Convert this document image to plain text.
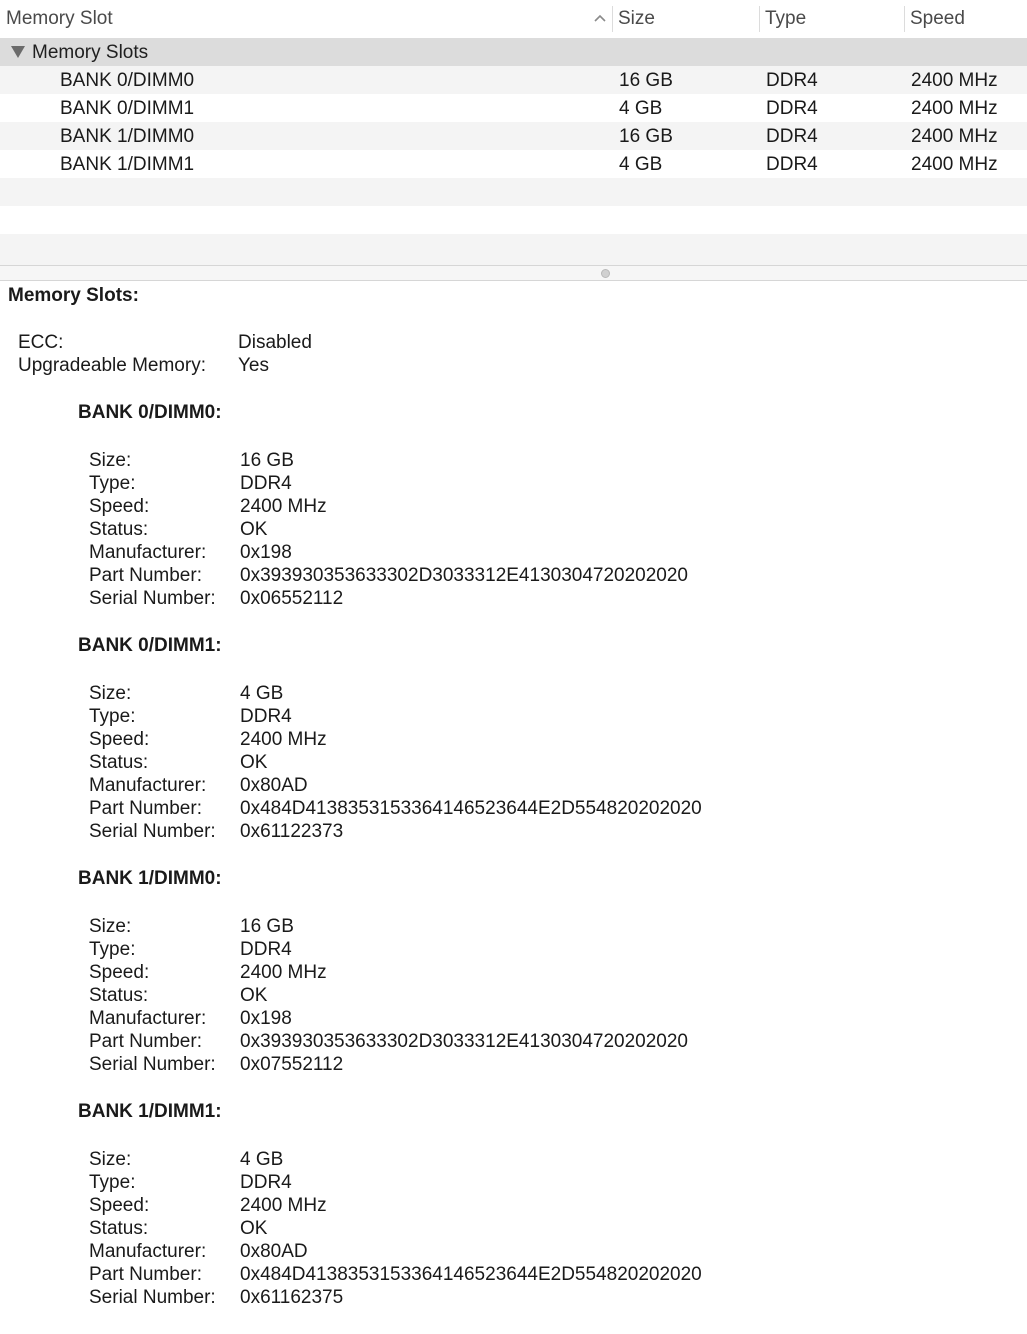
Memory Slot	Size	Type	Speed
Memory Slots
BANK 0/DIMM0	16 GB	DDR4	2400 MHz
BANK 0/DIMM1	4 GB	DDR4	2400 MHz
BANK 1/DIMM0	16 GB	DDR4	2400 MHz
BANK 1/DIMM1	4 GB	DDR4	2400 MHz
Memory Slots:
ECC:	Disabled
Upgradeable Memory: Yes
BANK 0/DIMM0:
Size:	16 GB
Type:	DDR4
Speed:	2400 MHz
Status:	OK
Manufacturer: 0x198
Part Number: 0x393930353633302D3033312E4130304720202020
Serial Number: 0x06552112
BANK 0/DIMM1:
Size:	4 GB
Type:	DDR4
Speed:	2400 MHz
Status:	OK
Manufacturer: 0x80AD
Part Number: 0x484D4138353153364146523644E2D554820202020
Serial Number: 0x61122373
BANK 1/DIMM0:
Size:	16 GB
Type:	DDR4
Speed:	2400 MHz
Status:	OK
Manufacturer: 0x198
Part Number: 0x393930353633302D3033312E4130304720202020
Serial Number: 0x07552112
BANK 1/DIMM1:
Size:	4 GB
Type:	DDR4
Speed:	2400 MHz
Status:	OK
Manufacturer: 0x80AD
Part Number: 0x484D4138353153364146523644E2D554820202020
Serial Number: 0x61162375
